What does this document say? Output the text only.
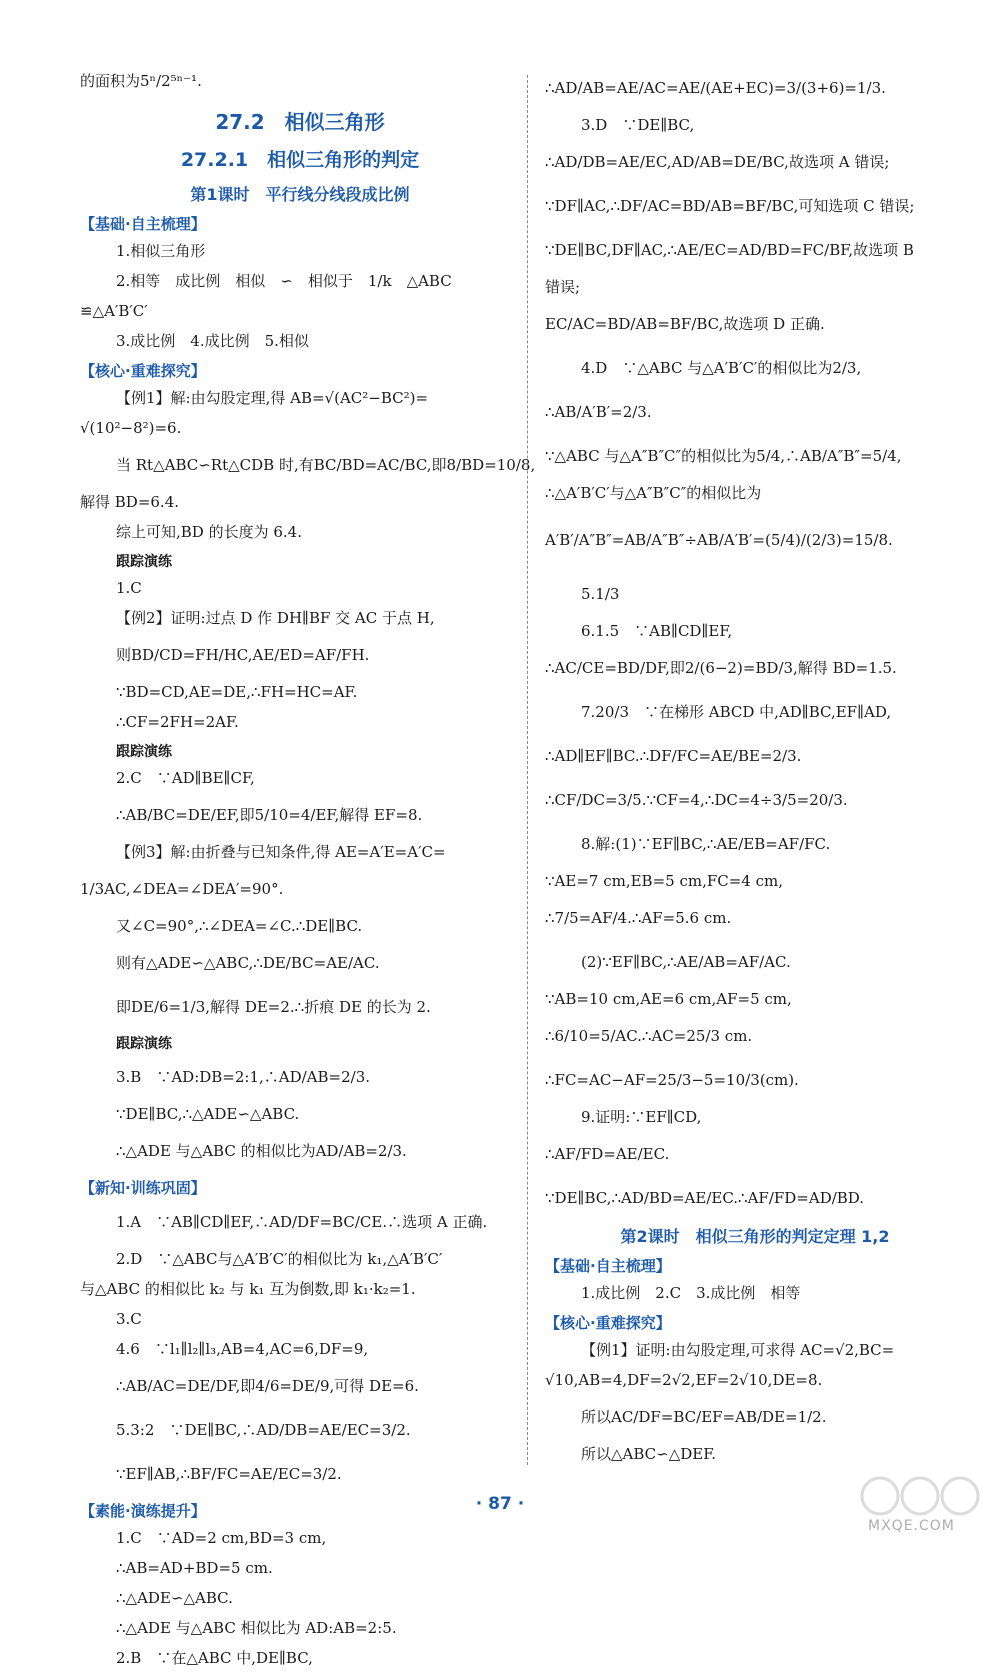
的面积为5ⁿ/2⁵ⁿ⁻¹.
27.2　相似三角形
27.2.1　相似三角形的判定
第1课时　平行线分线段成比例
【基础·自主梳理】
1.相似三角形
2.相等　成比例　相似　∽　相似于　1/k　△ABC
≌△A′B′C′
3.成比例　4.成比例　5.相似
【核心·重难探究】
【例1】解:由勾股定理,得 AB=√(AC²−BC²)=
√(10²−8²)=6.
当 Rt△ABC∽Rt△CDB 时,有BC/BD=AC/BC,即8/BD=10/8,
解得 BD=6.4.
综上可知,BD 的长度为 6.4.
跟踪演练
1.C
【例2】证明:过点 D 作 DH∥BF 交 AC 于点 H,
则BD/CD=FH/HC,AE/ED=AF/FH.
∵BD=CD,AE=DE,∴FH=HC=AF.
∴CF=2FH=2AF.
跟踪演练
2.C　∵AD∥BE∥CF,
∴AB/BC=DE/EF,即5/10=4/EF,解得 EF=8.
【例3】解:由折叠与已知条件,得 AE=A′E=A′C=
1/3AC,∠DEA=∠DEA′=90°.
又∠C=90°,∴∠DEA=∠C.∴DE∥BC.
则有△ADE∽△ABC,∴DE/BC=AE/AC.
即DE/6=1/3,解得 DE=2.∴折痕 DE 的长为 2.
跟踪演练
3.B　∵AD:DB=2:1,∴AD/AB=2/3.
∵DE∥BC,∴△ADE∽△ABC.
∴△ADE 与△ABC 的相似比为AD/AB=2/3.
【新知·训练巩固】
1.A　∵AB∥CD∥EF,∴AD/DF=BC/CE.∴选项 A 正确.
2.D　∵△ABC与△A′B′C′的相似比为 k₁,△A′B′C′
与△ABC 的相似比 k₂ 与 k₁ 互为倒数,即 k₁·k₂=1.
3.C
4.6　∵l₁∥l₂∥l₃,AB=4,AC=6,DF=9,
∴AB/AC=DE/DF,即4/6=DE/9,可得 DE=6.
5.3:2　∵DE∥BC,∴AD/DB=AE/EC=3/2.
∵EF∥AB,∴BF/FC=AE/EC=3/2.
【素能·演练提升】
1.C　∵AD=2 cm,BD=3 cm,
∴AB=AD+BD=5 cm.
∴△ADE∽△ABC.
∴△ADE 与△ABC 相似比为 AD:AB=2:5.
2.B　∵在△ABC 中,DE∥BC,
∴AD/AB=AE/AC=AE/(AE+EC)=3/(3+6)=1/3.
3.D　∵DE∥BC,
∴AD/DB=AE/EC,AD/AB=DE/BC,故选项 A 错误;
∵DF∥AC,∴DF/AC=BD/AB=BF/BC,可知选项 C 错误;
∵DE∥BC,DF∥AC,∴AE/EC=AD/BD=FC/BF,故选项 B
错误;
EC/AC=BD/AB=BF/BC,故选项 D 正确.
4.D　∵△ABC 与△A′B′C′的相似比为2/3,
∴AB/A′B′=2/3.
∵△ABC 与△A″B″C″的相似比为5/4,∴AB/A″B″=5/4,
∴△A′B′C′与△A″B″C″的相似比为
A′B′/A″B″=AB/A″B″÷AB/A′B′=(5/4)/(2/3)=15/8.
5.1/3
6.1.5　∵AB∥CD∥EF,
∴AC/CE=BD/DF,即2/(6−2)=BD/3,解得 BD=1.5.
7.20/3　∵在梯形 ABCD 中,AD∥BC,EF∥AD,
∴AD∥EF∥BC.∴DF/FC=AE/BE=2/3.
∴CF/DC=3/5.∵CF=4,∴DC=4÷3/5=20/3.
8.解:(1)∵EF∥BC,∴AE/EB=AF/FC.
∵AE=7 cm,EB=5 cm,FC=4 cm,
∴7/5=AF/4.∴AF=5.6 cm.
(2)∵EF∥BC,∴AE/AB=AF/AC.
∵AB=10 cm,AE=6 cm,AF=5 cm,
∴6/10=5/AC.∴AC=25/3 cm.
∴FC=AC−AF=25/3−5=10/3(cm).
9.证明:∵EF∥CD,
∴AF/FD=AE/EC.
∵DE∥BC,∴AD/BD=AE/EC.∴AF/FD=AD/BD.
第2课时　相似三角形的判定定理 1,2
【基础·自主梳理】
1.成比例　2.C　3.成比例　相等
【核心·重难探究】
【例1】证明:由勾股定理,可求得 AC=√2,BC=
√10,AB=4,DF=2√2,EF=2√10,DE=8.
所以AC/DF=BC/EF=AB/DE=1/2.
所以△ABC∽△DEF.
· 87 ·
MXQE.COM
